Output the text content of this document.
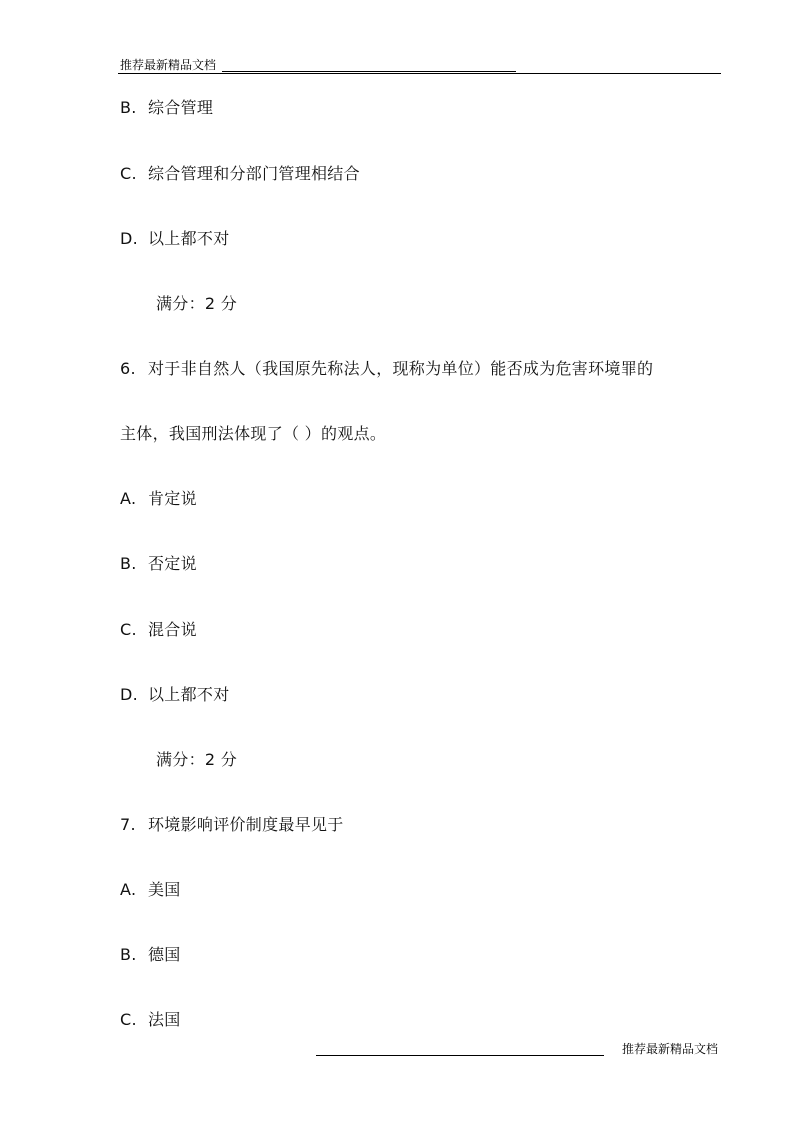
推荐最新精品文档
B. 综合管理
C. 综合管理和分部门管理相结合
D. 以上都不对
满分：2 分
6. 对于非自然人（我国原先称法人，现称为单位）能否成为危害环境罪的
主体，我国刑法体现了（ ）的观点。
A. 肯定说
B. 否定说
C. 混合说
D. 以上都不对
满分：2 分
7. 环境影响评价制度最早见于
A. 美国
B. 德国
C. 法国
推荐最新精品文档
